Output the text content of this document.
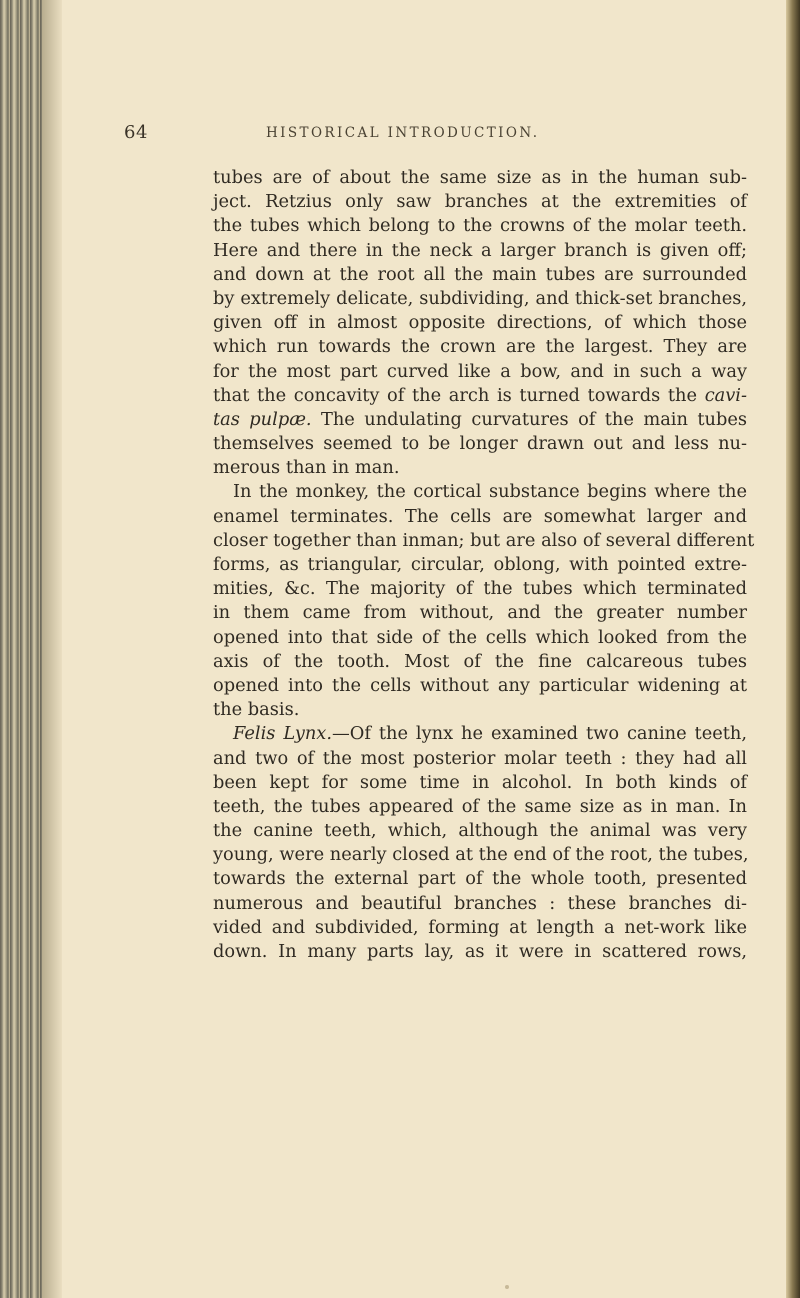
64	HISTORICAL INTRODUCTION.
tubes are of about the same size as in the human sub-
ject. Retzius only saw branches at the extremities of
the tubes which belong to the crowns of the molar teeth.
Here and there in the neck a larger branch is given off;
and down at the root all the main tubes are surrounded
by extremely delicate, subdividing, and thick-set branches,
given off in almost opposite directions, of which those
which run towards the crown are the largest. They are
for the most part curved like a bow, and in such a way
that the concavity of the arch is turned towards the cavi-
tas pulpæ. The undulating curvatures of the main tubes
themselves seemed to be longer drawn out and less nu-
merous than in man.
In the monkey, the cortical substance begins where the
enamel terminates. The cells are somewhat larger and
closer together than inman; but are also of several different
forms, as triangular, circular, oblong, with pointed extre-
mities, &c. The majority of the tubes which terminated
in them came from without, and the greater number
opened into that side of the cells which looked from the
axis of the tooth. Most of the fine calcareous tubes
opened into the cells without any particular widening at
the basis.
Felis Lynx.—Of the lynx he examined two canine teeth,
and two of the most posterior molar teeth : they had all
been kept for some time in alcohol. In both kinds of
teeth, the tubes appeared of the same size as in man. In
the canine teeth, which, although the animal was very
young, were nearly closed at the end of the root, the tubes,
towards the external part of the whole tooth, presented
numerous and beautiful branches : these branches di-
vided and subdivided, forming at length a net-work like
down. In many parts lay, as it were in scattered rows,
